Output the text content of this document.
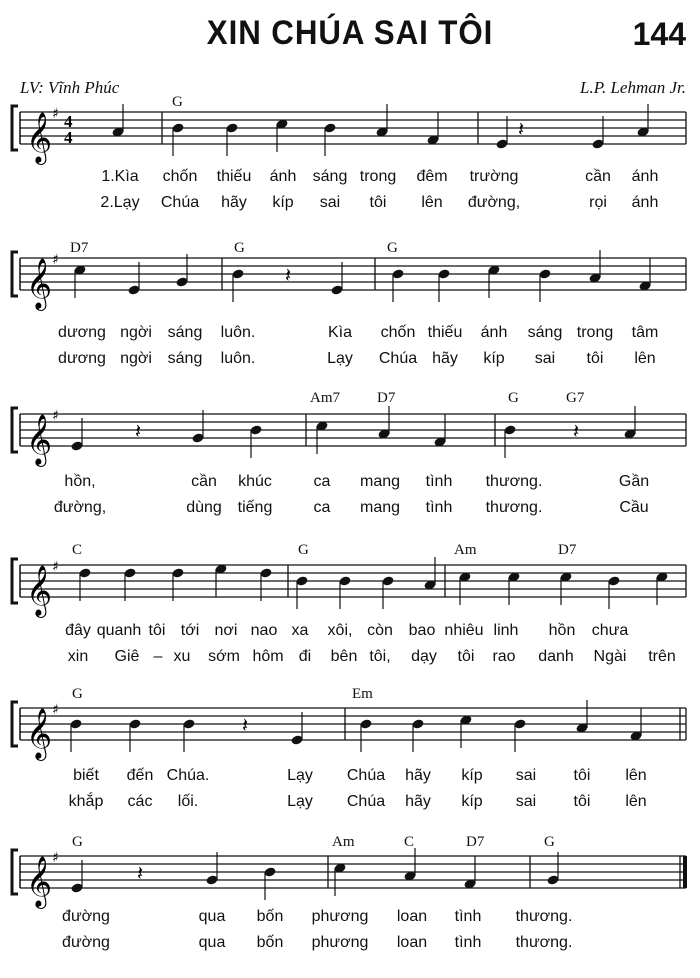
XIN CHÚA SAI TÔI	144
LV: Vĩnh Phúc	L.P. Lehman Jr.
𝄞 ♯ 4
4	𝄽
G
1.Kìa chốn thiếu ánh sáng trong đêm trường	cần ánh
2.Lạy Chúa hãy kíp sai tôi lên đường,	rọi ánh
𝄞 ♯
𝄽
D7	G	G
dương ngời sáng luôn.	Kìa chốn thiếu ánh sáng trong tâm
dương ngời sáng luôn.	Lạy Chúa hãy kíp sai tôi lên
𝄞 ♯
𝄽	𝄽
Am7 D7	G	G7
hồn,	cần khúc	ca mang tình thương.	Gần
đường,	dùng tiếng	ca mang tình thương.	Cầu
𝄞 ♯
C	G	Am	D7
đây quanh tôi tới nơi nao xa xôi, còn bao nhiêu linh hồn chưa
xin Giê – xu sớm hôm đi bên tôi, dạy tôi rao danh Ngài trên
𝄞 ♯
𝄽
G	Em
biết đến Chúa.	Lạy Chúa hãy kíp sai tôi lên
khắp các lối.	Lạy Chúa hãy kíp sai tôi lên
𝄞 ♯
𝄽
G	Am	C	D7	G
đường	qua bốn phương loan tình thương.
đường	qua bốn phương loan tình thương.
